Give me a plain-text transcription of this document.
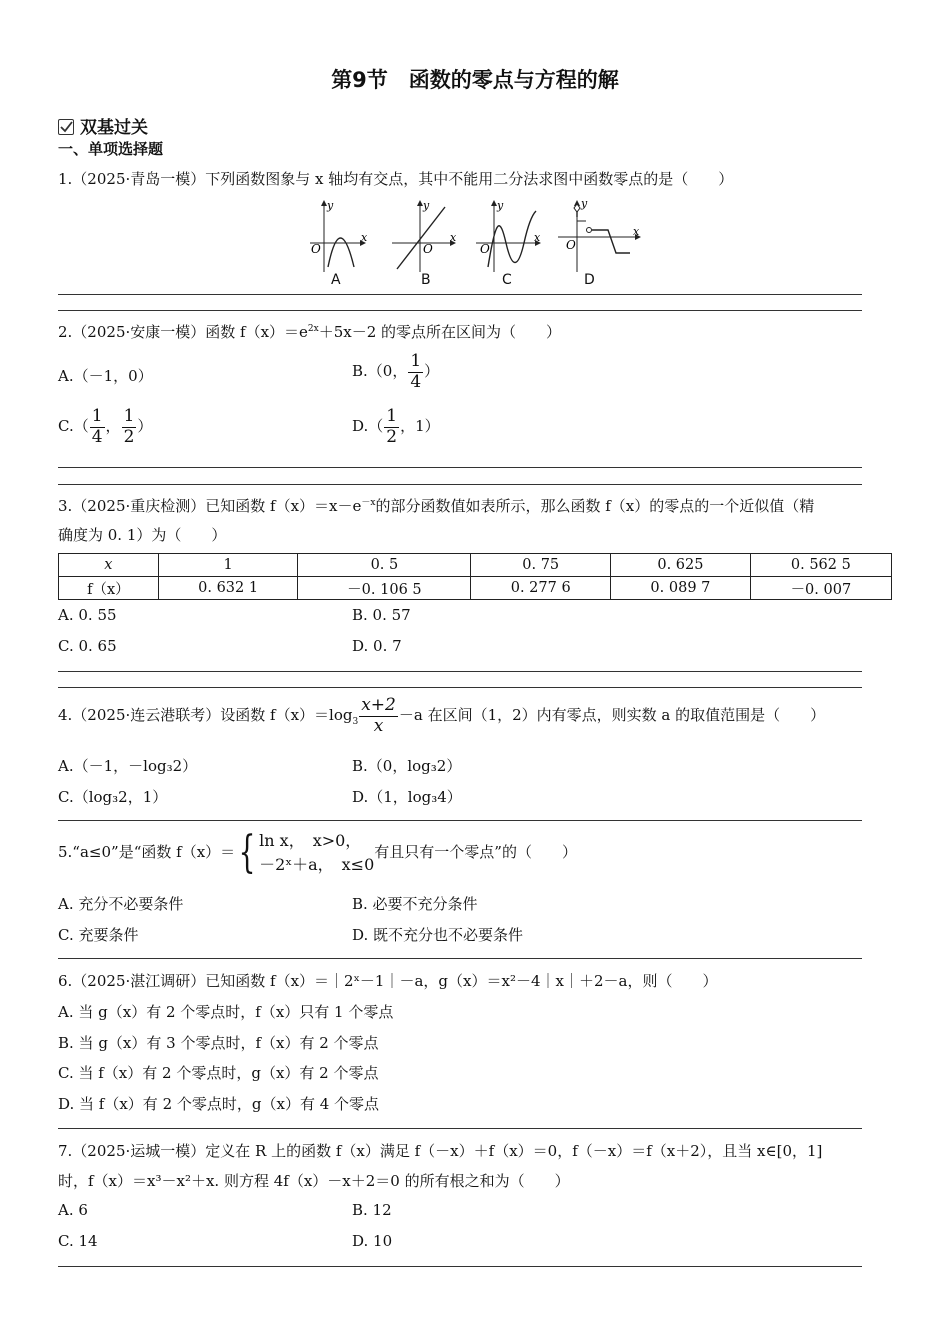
第9节　函数的零点与方程的解
双基过关
一、单项选择题
1.（2025·青岛一模）下列函数图象与 x 轴均有交点，其中不能用二分法求图中函数零点的是（　　）
O
x
y
O
x
y
O
x
y
O
x
y
A	B	C	D
2.（2025·安康一模）函数 $f(x)=e^{2x}+5x-2$ 的零点所在区间为（　　）
A.（－1，0）	B.（0， $\frac{1}{4}$ ）
$C.( \frac{1}{4}$ ， $\frac{1}{2}$ ）	$D.( \frac{1}{2}$ ，1）
3.（2025·重庆检测）已知函数 $f(x)=x-e^{-x}$的部分函数值如表所示，那么函数 f（x）的零点的一个近似值（精
确度为 0. 1）为（　　）
x	1	0. 5	0. 75	0. 625	0. 562 5
f（x）	0. 632 1	－0. 106 5	0. 277 6	0. 089 7	－0. 007
A. 0. 55	B. 0. 57
C. 0. 65	D. 0. 7
4.（2025·连云港联考）设函数 $f(x)=\log_3 \frac{x+2}{x} -a$ 在区间（1，2）内有零点，则实数 a 的取值范围是（　　）
A.（－1，－log₃2）	B.（0，log₃2）
C.（log₃2，1）	D.（1，log₃4）
5.“a≤0”是“函数 f（x）＝{ ln x，　x>0，
－2ˣ＋a，　x≤0
有且只有一个零点”的（　　）
A. 充分不必要条件	B. 必要不充分条件
C. 充要条件	D. 既不充分也不必要条件
6.（2025·湛江调研）已知函数 f（x）＝｜2ˣ－1｜－a，g（x）＝x²－4｜x｜＋2－a，则（　　）
A. 当 g（x）有 2 个零点时，f（x）只有 1 个零点
B. 当 g（x）有 3 个零点时，f（x）有 2 个零点
C. 当 f（x）有 2 个零点时，g（x）有 2 个零点
D. 当 f（x）有 2 个零点时，g（x）有 4 个零点
7.（2025·运城一模）定义在 R 上的函数 f（x）满足 f（－x）＋f（x）＝0，f（－x）＝f（x＋2），且当 x∈[0，1]
时，f（x）＝x³－x²＋x. 则方程 4f（x）－x＋2＝0 的所有根之和为（　　）
A. 6	B. 12
C. 14	D. 10
